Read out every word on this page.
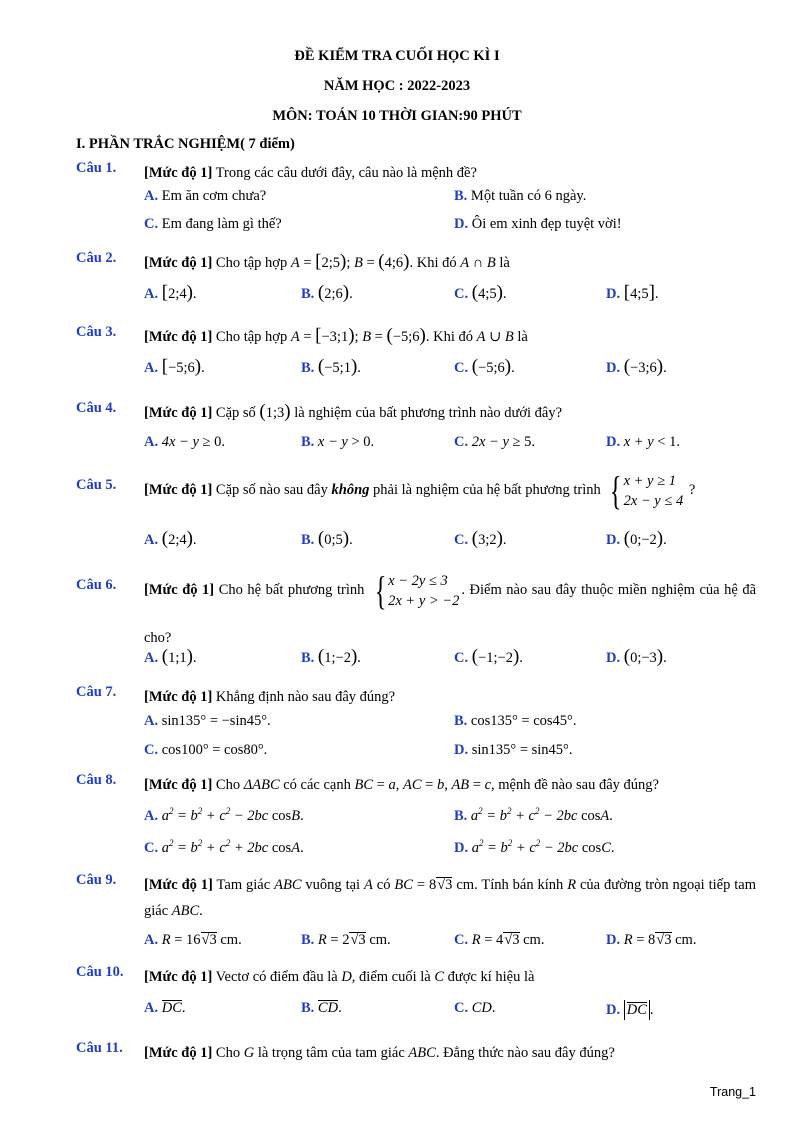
ĐỀ KIỂM TRA CUỐI HỌC KÌ I
NĂM HỌC : 2022-2023
MÔN: TOÁN 10 THỜI GIAN:90 PHÚT
I. PHẦN TRẮC NGHIỆM( 7 điểm)
Câu 1. [Mức độ 1] Trong các câu dưới đây, câu nào là mệnh đề?
A. Em ăn cơm chưa?	B. Một tuần có 6 ngày.
C. Em đang làm gì thế?	D. Ôi em xinh đẹp tuyệt vời!
Câu 2. [Mức độ 1] Cho tập hợp A = [2;5); B = (4;6). Khi đó A ∩ B là
A. [2;4).	B. (2;6).	C. (4;5).	D. [4;5].
Câu 3. [Mức độ 1] Cho tập hợp A = [−3;1); B = (−5;6). Khi đó A ∪ B là
A. [−5;6).	B. (−5;1).	C. (−5;6).	D. (−3;6).
Câu 4. [Mức độ 1] Cặp số (1;3) là nghiệm của bất phương trình nào dưới đây?
A. 4x − y ≥ 0.	B. x − y > 0.	C. 2x − y ≥ 5.	D. x + y < 1.
Câu 5. [Mức độ 1] Cặp số nào sau đây không phải là nghiệm của hệ bất phương trình { x + y ≥ 1
2x − y ≤ 4
?
A. (2;4).	B. (0;5).	C. (3;2).	D. (0;−2).
Câu 6. [Mức độ 1] Cho hệ bất phương trình { x − 2y ≤ 3
2x + y > −2
. Điểm nào sau đây thuộc miền nghiệm của hệ đã cho?
A. (1;1).	B. (1;−2).	C. (−1;−2).	D. (0;−3).
Câu 7. [Mức độ 1] Khẳng định nào sau đây đúng?
A. sin135° = −sin45°.	B. cos135° = cos45°.
C. cos100° = cos80°.	D. sin135° = sin45°.
Câu 8. [Mức độ 1] Cho ΔABC có các cạnh BC = a, AC = b, AB = c, mệnh đề nào sau đây đúng?
A. $a^2 = b^2 + c^2 - 2bc$ cosB.	B. $a^2 = b^2 + c^2 - 2bc$ cosA.
C. $a^2 = b^2 + c^2 + 2bc$ cosA.	D. $a^2 = b^2 + c^2 - 2bc$ cosC.
Câu 9. [Mức độ 1] Tam giác ABC vuông tại A có BC = 8√3 cm. Tính bán kính R của đường tròn ngoại tiếp tam giác ABC.
A. R = 16√3 cm.	B. R = 2√3 cm.	C. R = 4√3 cm.	D. R = 8√3 cm.
Câu 10. [Mức độ 1] Vectơ có điểm đầu là D, điểm cuối là C được kí hiệu là
A. DC.	B. CD.	C. CD.	D. DC .
Câu 11. [Mức độ 1] Cho G là trọng tâm của tam giác ABC. Đẳng thức nào sau đây đúng?
Trang_1
